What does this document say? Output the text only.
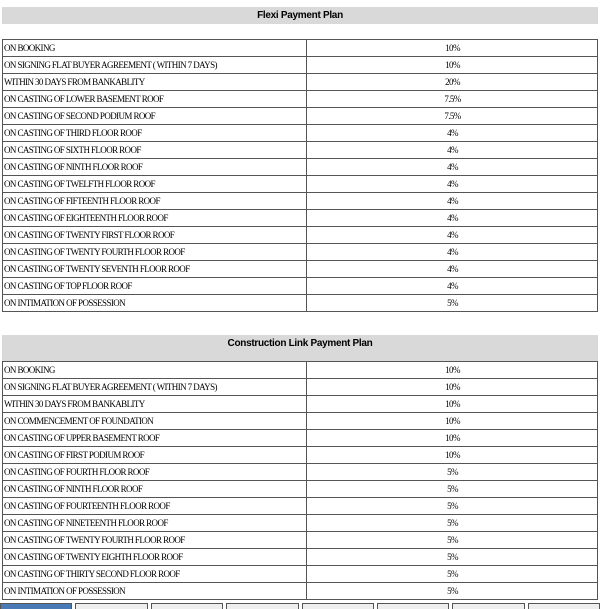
Flexi Payment Plan
ON BOOKING	10%
ON SIGNING FLAT BUYER AGREEMENT ( WITHIN 7 DAYS)	10%
WITHIN 30 DAYS FROM BANKABLITY	20%
ON CASTING OF LOWER BASEMENT ROOF	7.5%
ON CASTING OF SECOND PODIUM ROOF	7.5%
ON CASTING OF THIRD FLOOR ROOF	4%
ON CASTING OF SIXTH FLOOR ROOF	4%
ON CASTING OF NINTH FLOOR ROOF	4%
ON CASTING OF TWELFTH FLOOR ROOF	4%
ON CASTING OF FIFTEENTH FLOOR ROOF	4%
ON CASTING OF EIGHTEENTH FLOOR ROOF	4%
ON CASTING OF TWENTY FIRST FLOOR ROOF	4%
ON CASTING OF TWENTY FOURTH FLOOR ROOF	4%
ON CASTING OF TWENTY SEVENTH FLOOR ROOF	4%
ON CASTING OF TOP FLOOR ROOF	4%
ON INTIMATION OF POSSESSION	5%
Construction Link Payment Plan
ON BOOKING	10%
ON SIGNING FLAT BUYER AGREEMENT ( WITHIN 7 DAYS)	10%
WITHIN 30 DAYS FROM BANKABLITY	10%
ON COMMENCEMENT OF FOUNDATION	10%
ON CASTING OF UPPER BASEMENT ROOF	10%
ON CASTING OF FIRST PODIUM ROOF	10%
ON CASTING OF FOURTH FLOOR ROOF	5%
ON CASTING OF NINTH FLOOR ROOF	5%
ON CASTING OF FOURTEENTH FLOOR ROOF	5%
ON CASTING OF NINETEENTH FLOOR ROOF	5%
ON CASTING OF TWENTY FOURTH FLOOR ROOF	5%
ON CASTING OF TWENTY EIGHTH FLOOR ROOF	5%
ON CASTING OF THIRTY SECOND FLOOR ROOF	5%
ON INTIMATION OF POSSESSION	5%
